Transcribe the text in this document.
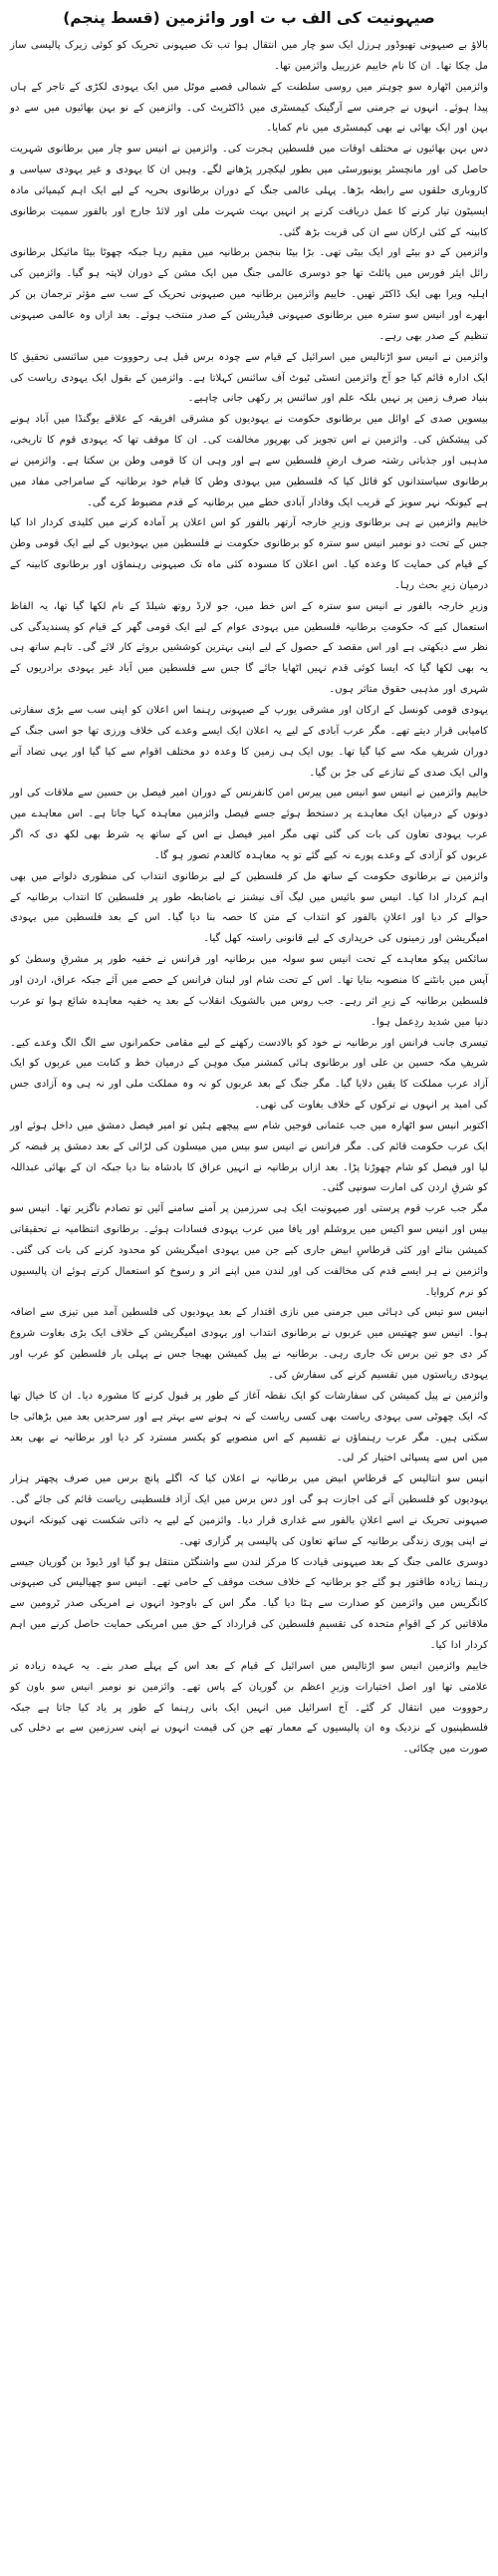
صیہونیت کی الف ب ت اور وائزمین (قسط پنجم)

بالاؤ بے صیہونی تھیوڈور ہرزل ایک سو چار میں انتقال ہوا تب تک صیہونی تحریک کو کوئی زیرک پالیسی ساز مل چکا تھا۔ ان کا نام خاییم عزرییل وائزمین تھا۔

وائزمین اٹھارہ سو چوہتر میں روسی سلطنت کے شمالی قصبے موٹل میں ایک یہودی لکڑی کے تاجر کے ہاں پیدا ہوئے۔ انہوں نے جرمنی سے آرگینک کیمسٹری میں ڈاکٹریٹ کی۔ وائزمین کے نو بہن بھائیوں میں سے دو بہن اور ایک بھائی نے بھی کیمسٹری میں نام کمایا۔

دس بہن بھائیوں نے مختلف اوقات میں فلسطین ہجرت کی۔ وائزمین نے انیس سو چار میں برطانوی شہریت حاصل کی اور مانچسٹر یونیورسٹی میں بطور لیکچرر پڑھانے لگے۔ وہیں ان کا یہودی و غیر یہودی سیاسی و کاروباری حلقوں سے رابطہ بڑھا۔ پہلی عالمی جنگ کے دوران برطانوی بحریہ کے لیے ایک اہم کیمیائی مادہ ایسیٹون تیار کرنے کا عمل دریافت کرنے پر انہیں بہت شہرت ملی اور لائڈ جارج اور بالفور سمیت برطانوی کابینہ کے کئی ارکان سے ان کی قربت بڑھ گئی۔

وائزمین کے دو بیٹے اور ایک بیٹی تھی۔ بڑا بیٹا بنجمن برطانیہ میں مقیم رہا جبکہ چھوٹا بیٹا مائیکل برطانوی رائل ایئر فورس میں پائلٹ تھا جو دوسری عالمی جنگ میں ایک مشن کے دوران لاپتہ ہو گیا۔ وائزمین کی اہلیہ ویرا بھی ایک ڈاکٹر تھیں۔ خاییم وائزمین برطانیہ میں صیہونی تحریک کے سب سے مؤثر ترجمان بن کر ابھرے اور انیس سو سترہ میں برطانوی صیہونی فیڈریشن کے صدر منتخب ہوئے۔ بعد ازاں وہ عالمی صیہونی تنظیم کے صدر بھی رہے۔

وائزمین نے انیس سو اڑتالیس میں اسرائیل کے قیام سے چودہ برس قبل ہی رحوووت میں سائنسی تحقیق کا ایک ادارہ قائم کیا جو آج وائزمین انسٹی ٹیوٹ آف سائنس کہلاتا ہے۔ وائزمین کے بقول ایک یہودی ریاست کی بنیاد صرف زمین پر نہیں بلکہ علم اور سائنس پر رکھی جانی چاہیے۔

بیسویں صدی کے اوائل میں برطانوی حکومت نے یہودیوں کو مشرقی افریقہ کے علاقے یوگنڈا میں آباد ہونے کی پیشکش کی۔ وائزمین نے اس تجویز کی بھرپور مخالفت کی۔ ان کا موقف تھا کہ یہودی قوم کا تاریخی، مذہبی اور جذباتی رشتہ صرف ارضِ فلسطین سے ہے اور وہی ان کا قومی وطن بن سکتا ہے۔ وائزمین نے برطانوی سیاستدانوں کو قائل کیا کہ فلسطین میں یہودی وطن کا قیام خود برطانیہ کے سامراجی مفاد میں ہے کیونکہ نہر سویز کے قریب ایک وفادار آبادی خطے میں برطانیہ کے قدم مضبوط کرے گی۔

خاییم وائزمین نے ہی برطانوی وزیرِ خارجہ آرتھر بالفور کو اس اعلان پر آمادہ کرنے میں کلیدی کردار ادا کیا جس کے تحت دو نومبر انیس سو سترہ کو برطانوی حکومت نے فلسطین میں یہودیوں کے لیے ایک قومی وطن کے قیام کی حمایت کا وعدہ کیا۔ اس اعلان کا مسودہ کئی ماہ تک صیہونی رہنماؤں اور برطانوی کابینہ کے درمیان زیرِ بحث رہا۔

وزیرِ خارجہ بالفور نے انیس سو سترہ کے اس خط میں، جو لارڈ روتھ شیلڈ کے نام لکھا گیا تھا، یہ الفاظ استعمال کیے کہ حکومتِ برطانیہ فلسطین میں یہودی عوام کے لیے ایک قومی گھر کے قیام کو پسندیدگی کی نظر سے دیکھتی ہے اور اس مقصد کے حصول کے لیے اپنی بہترین کوششیں بروئے کار لائے گی۔ تاہم ساتھ ہی یہ بھی لکھا گیا کہ ایسا کوئی قدم نہیں اٹھایا جائے گا جس سے فلسطین میں آباد غیر یہودی برادریوں کے شہری اور مذہبی حقوق متاثر ہوں۔

یہودی قومی کونسل کے ارکان اور مشرقی یورپ کے صیہونی رہنما اس اعلان کو اپنی سب سے بڑی سفارتی کامیابی قرار دیتے تھے۔ مگر عرب آبادی کے لیے یہ اعلان ایک ایسے وعدے کی خلاف ورزی تھا جو اسی جنگ کے دوران شریفِ مکہ سے کیا گیا تھا۔ یوں ایک ہی زمین کا وعدہ دو مختلف اقوام سے کیا گیا اور یہی تضاد آنے والی ایک صدی کے تنازعے کی جڑ بن گیا۔

خاییم وائزمین نے انیس سو انیس میں پیرس امن کانفرنس کے دوران امیر فیصل بن حسین سے ملاقات کی اور دونوں کے درمیان ایک معاہدے پر دستخط ہوئے جسے فیصل وائزمین معاہدہ کہا جاتا ہے۔ اس معاہدے میں عرب یہودی تعاون کی بات کی گئی تھی مگر امیر فیصل نے اس کے ساتھ یہ شرط بھی لکھ دی کہ اگر عربوں کو آزادی کے وعدے پورے نہ کیے گئے تو یہ معاہدہ کالعدم تصور ہو گا۔

وائزمین نے برطانوی حکومت کے ساتھ مل کر فلسطین کے لیے برطانوی انتداب کی منظوری دلوانے میں بھی اہم کردار ادا کیا۔ انیس سو بائیس میں لیگ آف نیشنز نے باضابطہ طور پر فلسطین کا انتداب برطانیہ کے حوالے کر دیا اور اعلانِ بالفور کو انتداب کے متن کا حصہ بنا دیا گیا۔ اس کے بعد فلسطین میں یہودی امیگریشن اور زمینوں کی خریداری کے لیے قانونی راستہ کھل گیا۔

سائکس پیکو معاہدے کے تحت انیس سو سولہ میں برطانیہ اور فرانس نے خفیہ طور پر مشرقِ وسطیٰ کو آپس میں بانٹنے کا منصوبہ بنایا تھا۔ اس کے تحت شام اور لبنان فرانس کے حصے میں آئے جبکہ عراق، اردن اور فلسطین برطانیہ کے زیرِ اثر رہے۔ جب روس میں بالشویک انقلاب کے بعد یہ خفیہ معاہدہ شائع ہوا تو عرب دنیا میں شدید ردِعمل ہوا۔

تیسری جانب فرانس اور برطانیہ نے خود کو بالادست رکھنے کے لیے مقامی حکمرانوں سے الگ الگ وعدے کیے۔ شریفِ مکہ حسین بن علی اور برطانوی ہائی کمشنر میک موہن کے درمیان خط و کتابت میں عربوں کو ایک آزاد عرب مملکت کا یقین دلایا گیا۔ مگر جنگ کے بعد عربوں کو نہ وہ مملکت ملی اور نہ ہی وہ آزادی جس کی امید پر انہوں نے ترکوں کے خلاف بغاوت کی تھی۔

اکتوبر انیس سو اٹھارہ میں جب عثمانی فوجیں شام سے پیچھے ہٹیں تو امیر فیصل دمشق میں داخل ہوئے اور ایک عرب حکومت قائم کی۔ مگر فرانس نے انیس سو بیس میں میسلون کی لڑائی کے بعد دمشق پر قبضہ کر لیا اور فیصل کو شام چھوڑنا پڑا۔ بعد ازاں برطانیہ نے انہیں عراق کا بادشاہ بنا دیا جبکہ ان کے بھائی عبداللہ کو شرقِ اردن کی امارت سونپی گئی۔

مگر جب عرب قوم پرستی اور صیہونیت ایک ہی سرزمین پر آمنے سامنے آئیں تو تصادم ناگزیر تھا۔ انیس سو بیس اور انیس سو اکیس میں یروشلم اور یافا میں عرب یہودی فسادات ہوئے۔ برطانوی انتظامیہ نے تحقیقاتی کمیشن بنائے اور کئی قرطاسِ ابیض جاری کیے جن میں یہودی امیگریشن کو محدود کرنے کی بات کی گئی۔ وائزمین نے ہر ایسے قدم کی مخالفت کی اور لندن میں اپنے اثر و رسوخ کو استعمال کرتے ہوئے ان پالیسیوں کو نرم کروایا۔

انیس سو تیس کی دہائی میں جرمنی میں نازی اقتدار کے بعد یہودیوں کی فلسطین آمد میں تیزی سے اضافہ ہوا۔ انیس سو چھتیس میں عربوں نے برطانوی انتداب اور یہودی امیگریشن کے خلاف ایک بڑی بغاوت شروع کر دی جو تین برس تک جاری رہی۔ برطانیہ نے پیل کمیشن بھیجا جس نے پہلی بار فلسطین کو عرب اور یہودی ریاستوں میں تقسیم کرنے کی سفارش کی۔

وائزمین نے پیل کمیشن کی سفارشات کو ایک نقطہ آغاز کے طور پر قبول کرنے کا مشورہ دیا۔ ان کا خیال تھا کہ ایک چھوٹی سی یہودی ریاست بھی کسی ریاست کے نہ ہونے سے بہتر ہے اور سرحدیں بعد میں بڑھائی جا سکتی ہیں۔ مگر عرب رہنماؤں نے تقسیم کے اس منصوبے کو یکسر مسترد کر دیا اور برطانیہ نے بھی بعد میں اس سے پسپائی اختیار کر لی۔

انیس سو انتالیس کے قرطاسِ ابیض میں برطانیہ نے اعلان کیا کہ اگلے پانچ برس میں صرف پچھتر ہزار یہودیوں کو فلسطین آنے کی اجازت ہو گی اور دس برس میں ایک آزاد فلسطینی ریاست قائم کی جائے گی۔ صیہونی تحریک نے اسے اعلانِ بالفور سے غداری قرار دیا۔ وائزمین کے لیے یہ ذاتی شکست تھی کیونکہ انہوں نے اپنی پوری زندگی برطانیہ کے ساتھ تعاون کی پالیسی پر گزاری تھی۔

دوسری عالمی جنگ کے بعد صیہونی قیادت کا مرکز لندن سے واشنگٹن منتقل ہو گیا اور ڈیوڈ بن گوریان جیسے رہنما زیادہ طاقتور ہو گئے جو برطانیہ کے خلاف سخت موقف کے حامی تھے۔ انیس سو چھیالیس کی صیہونی کانگریس میں وائزمین کو صدارت سے ہٹا دیا گیا۔ مگر اس کے باوجود انہوں نے امریکی صدر ٹرومین سے ملاقاتیں کر کے اقوامِ متحدہ کی تقسیمِ فلسطین کی قرارداد کے حق میں امریکی حمایت حاصل کرنے میں اہم کردار ادا کیا۔

خاییم وائزمین انیس سو اڑتالیس میں اسرائیل کے قیام کے بعد اس کے پہلے صدر بنے۔ یہ عہدہ زیادہ تر علامتی تھا اور اصل اختیارات وزیرِ اعظم بن گوریان کے پاس تھے۔ وائزمین نو نومبر انیس سو باون کو رحوووت میں انتقال کر گئے۔ آج اسرائیل میں انہیں ایک بانی رہنما کے طور پر یاد کیا جاتا ہے جبکہ فلسطینیوں کے نزدیک وہ ان پالیسیوں کے معمار تھے جن کی قیمت انہوں نے اپنی سرزمین سے بے دخلی کی صورت میں چکائی۔
